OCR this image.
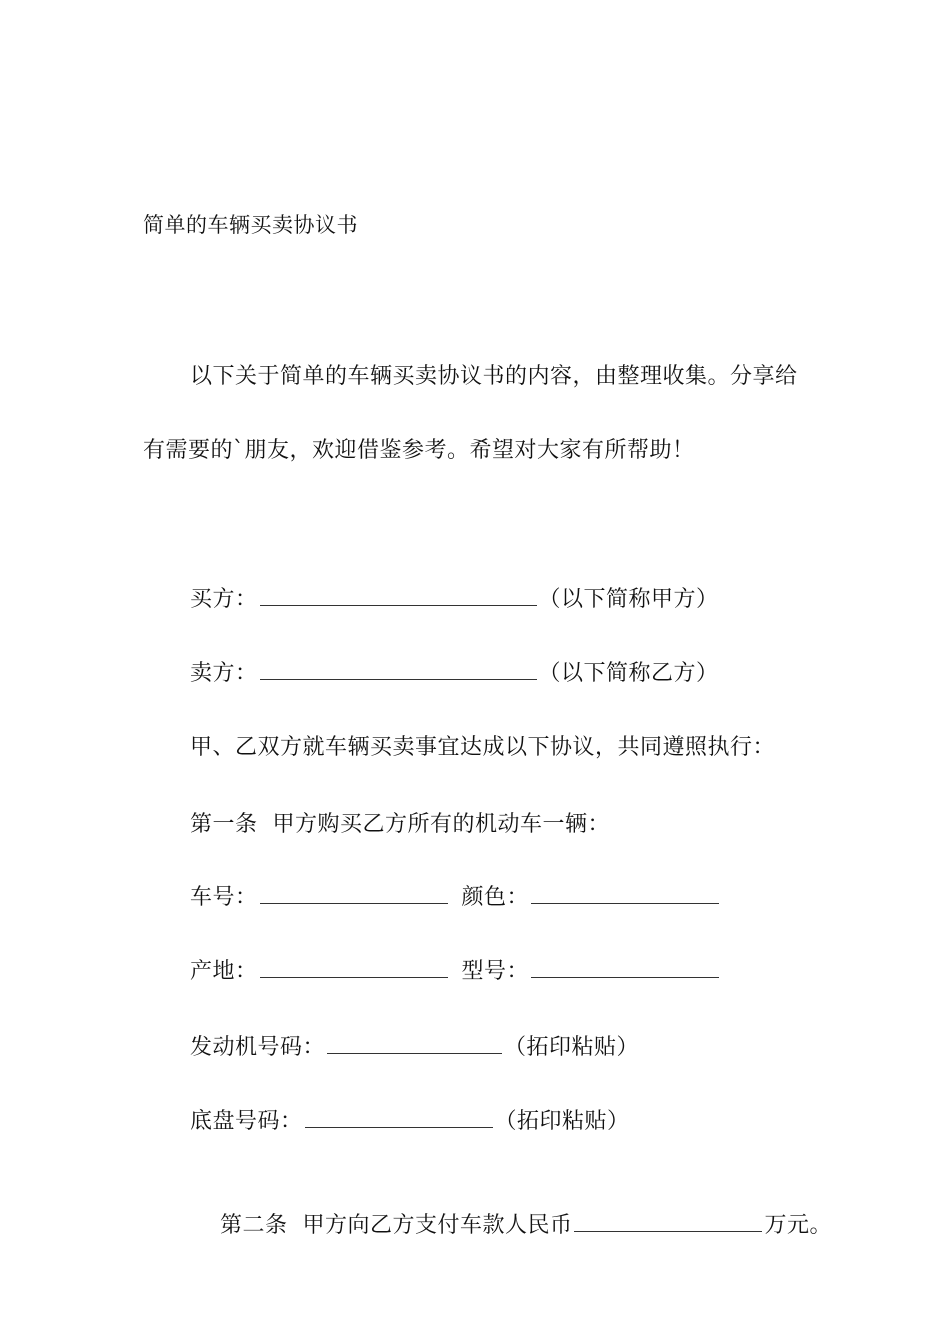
简单的车辆买卖协议书
以下关于简单的车辆买卖协议书的内容，由整理收集。分享给
有需要的`朋友，欢迎借鉴参考。希望对大家有所帮助！
买方：	（以下简称甲方）
卖方：	（以下简称乙方）
甲、乙双方就车辆买卖事宜达成以下协议，共同遵照执行：
第一条  甲方购买乙方所有的机动车一辆：
车号：	颜色：
产地：	型号：
发动机号码：	（拓印粘贴）
底盘号码：	（拓印粘贴）

第二条  甲方向乙方支付车款人民币	万元。
